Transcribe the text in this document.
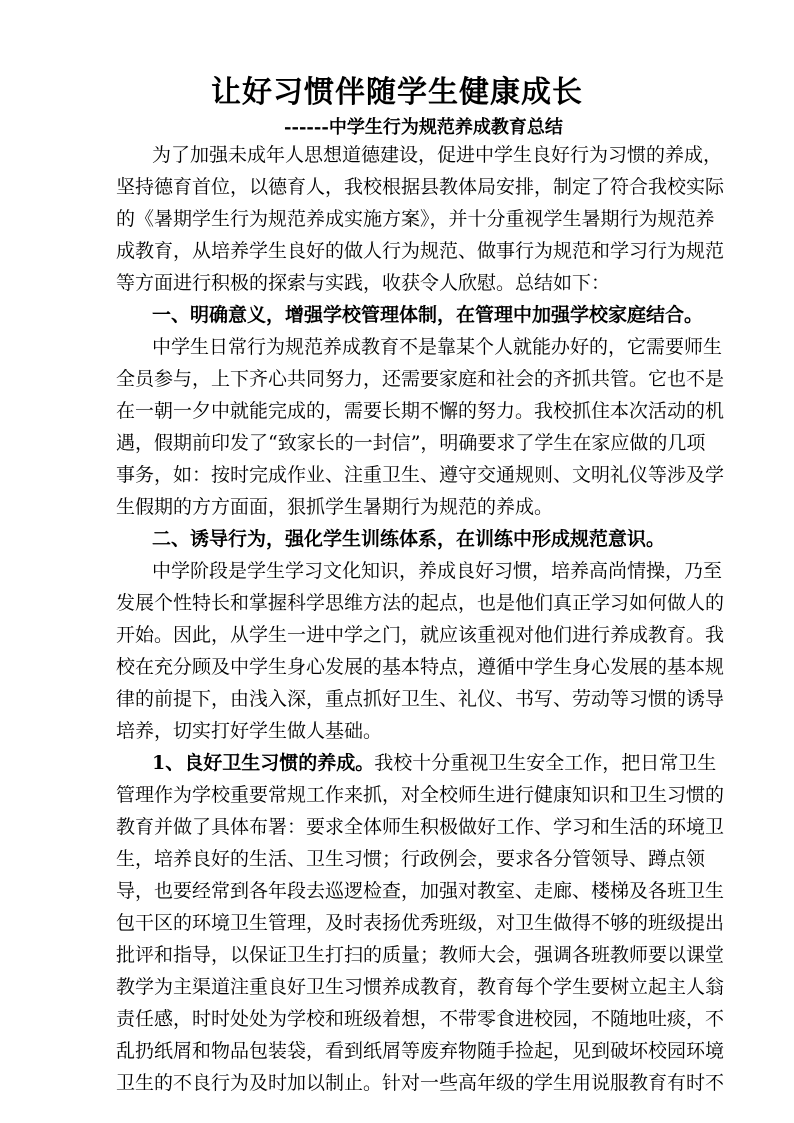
让好习惯伴随学生健康成长
------中学生行为规范养成教育总结
为了加强未成年人思想道德建设，促进中学生良好行为习惯的养成，
坚持德育首位，以德育人，我校根据县教体局安排，制定了符合我校实际
的《暑期学生行为规范养成实施方案》，并十分重视学生暑期行为规范养
成教育，从培养学生良好的做人行为规范、做事行为规范和学习行为规范
等方面进行积极的探索与实践，收获令人欣慰。总结如下：
一、明确意义，增强学校管理体制，在管理中加强学校家庭结合。
中学生日常行为规范养成教育不是靠某个人就能办好的，它需要师生
全员参与，上下齐心共同努力，还需要家庭和社会的齐抓共管。它也不是
在一朝一夕中就能完成的，需要长期不懈的努力。我校抓住本次活动的机
遇，假期前印发了“致家长的一封信”，明确要求了学生在家应做的几项
事务，如：按时完成作业、注重卫生、遵守交通规则、文明礼仪等涉及学
生假期的方方面面，狠抓学生暑期行为规范的养成。
二、诱导行为，强化学生训练体系，在训练中形成规范意识。
中学阶段是学生学习文化知识，养成良好习惯，培养高尚情操，乃至
发展个性特长和掌握科学思维方法的起点，也是他们真正学习如何做人的
开始。因此，从学生一进中学之门，就应该重视对他们进行养成教育。我
校在充分顾及中学生身心发展的基本特点，遵循中学生身心发展的基本规
律的前提下，由浅入深，重点抓好卫生、礼仪、书写、劳动等习惯的诱导
培养，切实打好学生做人基础。
1、良好卫生习惯的养成。我校十分重视卫生安全工作，把日常卫生
管理作为学校重要常规工作来抓，对全校师生进行健康知识和卫生习惯的
教育并做了具体布署：要求全体师生积极做好工作、学习和生活的环境卫
生，培养良好的生活、卫生习惯；行政例会，要求各分管领导、蹲点领
导，也要经常到各年段去巡逻检查，加强对教室、走廊、楼梯及各班卫生
包干区的环境卫生管理，及时表扬优秀班级，对卫生做得不够的班级提出
批评和指导，以保证卫生打扫的质量；教师大会，强调各班教师要以课堂
教学为主渠道注重良好卫生习惯养成教育，教育每个学生要树立起主人翁
责任感，时时处处为学校和班级着想，不带零食进校园，不随地吐痰，不
乱扔纸屑和物品包装袋，看到纸屑等废弃物随手捡起，见到破坏校园环境
卫生的不良行为及时加以制止。针对一些高年级的学生用说服教育有时不
